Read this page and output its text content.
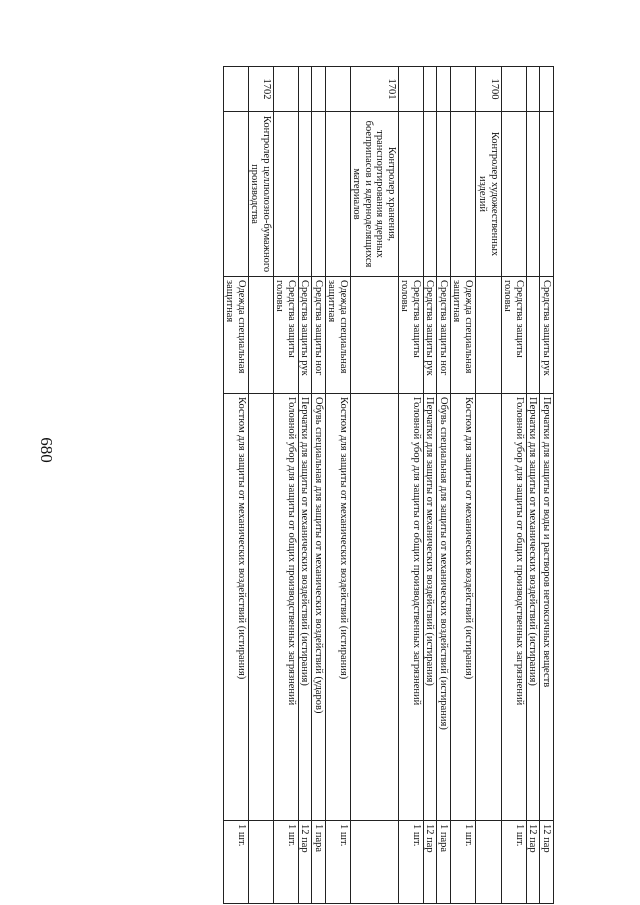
680
		Средства защиты рук	Перчатки для защиты от воды и растворов нетоксичных веществ	12 пар
			Перчатки для защиты от механических воздействий (истирания)	12 пар
		Средства защиты головы	Головной убор для защиты от общих производственных загрязнений	1 шт.
1700	Контролер художественных изделий			
		Одежда специальная защитная	Костюм для защиты от механических воздействий (истирания)	1 шт.
		Средства защиты ног	Обувь специальная для защиты от механических воздействий (истирания)	1 пара
		Средства защиты рук	Перчатки для защиты от механических воздействий (истирания)	12 пар
		Средства защиты головы	Головной убор для защиты от общих производственных загрязнений	1 шт.
1701	Контролер хранения, транспортирования ядерных боеприпасов и ядерноделящихся материалов			
		Одежда специальная защитная	Костюм для защиты от механических воздействий (истирания)	1 шт.
		Средства защиты ног	Обувь специальная для защиты от механических воздействий (ударов)	1 пара
		Средства защиты рук	Перчатки для защиты от механических воздействий (истирания)	12 пар
		Средства защиты головы	Головной убор для защиты от общих производственных загрязнений	1 шт.
1702	Контролер целлюлозно-бумажного производства			
		Одежда специальная защитная	Костюм для защиты от механических воздействий (истирания)	1 шт.
